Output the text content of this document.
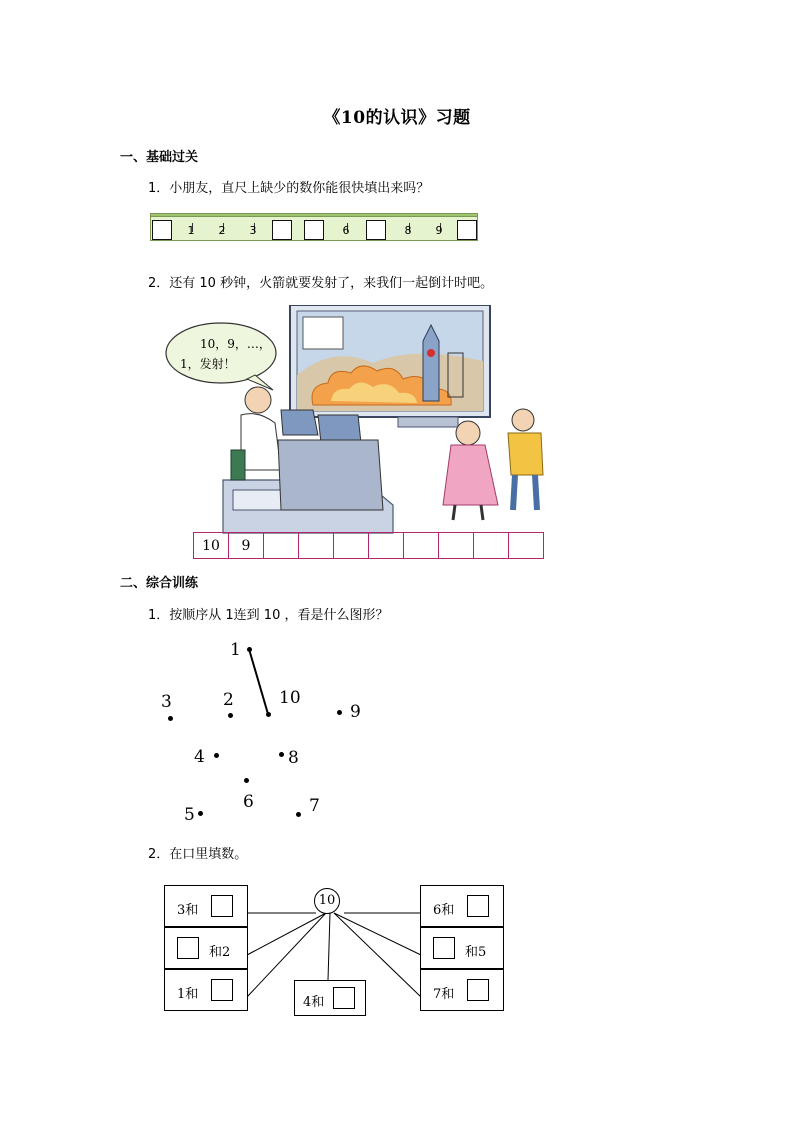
《10的认识》习题
一、基础过关
1．小朋友，直尺上缺少的数你能很快填出来吗？
1	2	3	6	8	9
2．还有 10 秒钟，火箭就要发射了，来我们一起倒计时吧。
10，9，…，
1，发射！
10	9								
二、综合训练
1．按顺序从 1连到 10 ，看是什么图形？
1
2
3
4
5
6	7
8
9
10
2．在口里填数。
10
3和
和2
1和
4和
6和
和5
7和
